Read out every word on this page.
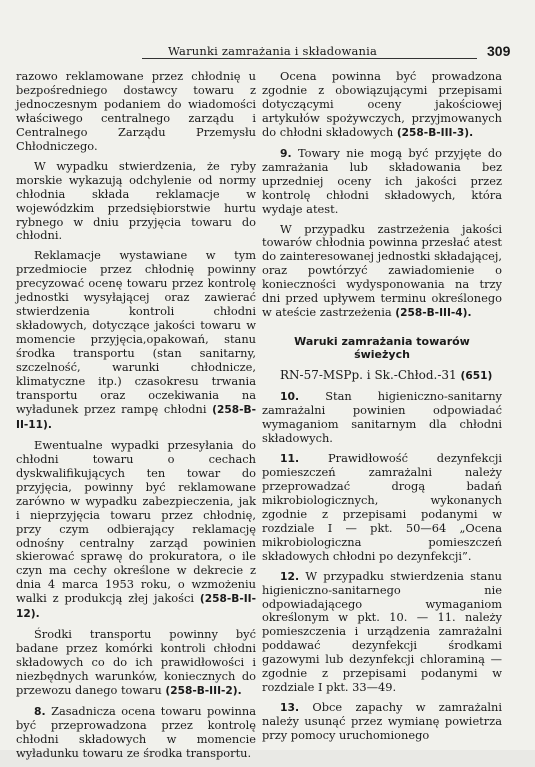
Warunki zamrażania i składowania	309

razowo reklamowane przez chłodnię u bezpośredniego dostawcy towaru z jednoczesnym podaniem do wiadomości właściwego centralnego zarządu i Centralnego Zarządu Przemysłu Chłodniczego.

W wypadku stwierdzenia, że ryby morskie wykazują odchylenie od normy chłodnia składa reklamacje w wojewódzkim przedsiębiorstwie hurtu rybnego w dniu przyjęcia towaru do chłodni.

Reklamacje wystawiane w tym przedmiocie przez chłodnię powinny precyzować ocenę towaru przez kontrolę jednostki wysyłającej oraz zawierać stwierdzenia kontroli chłodni składowych, dotyczące jakości towaru w momencie przyjęcia,opakowań, stanu środka transportu (stan sanitarny, szczelność, warunki chłodnicze, klimatyczne itp.) czasokresu trwania transportu oraz oczekiwania na wyładunek przez rampę chłodni (258-B-II-11).

Ewentualne wypadki przesyłania do chłodni towaru o cechach dyskwalifikujących ten towar do przyjęcia, powinny być reklamowane zarówno w wypadku zabezpieczenia, jak i nieprzyjęcia towaru przez chłodnię, przy czym odbierający reklamację odnośny centralny zarząd powinien skierować sprawę do prokuratora, o ile czyn ma cechy określone w dekrecie z dnia 4 marca 1953 roku, o wzmożeniu walki z produkcją złej jakości (258-B-II-12).

Środki transportu powinny być badane przez komórki kontroli chłodni składowych co do ich prawidłowości i niezbędnych warunków, koniecznych do przewozu danego towaru (258-B-III-2).

8. Zasadnicza ocena towaru powinna być przeprowadzona przez kontrolę chłodni składowych w momencie wyładunku towaru ze środka transportu.

Ocena powinna być prowadzona zgodnie z obowiązującymi przepisami dotyczącymi oceny jakościowej artykułów spożywczych, przyjmowanych do chłodni składowych (258-B-III-3).

9. Towary nie mogą być przyjęte do zamrażania lub składowania bez uprzedniej oceny ich jakości przez kontrolę chłodni składowych, która wydaje atest.

W przypadku zastrzeżenia jakości towarów chłodnia powinna przesłać atest do zainteresowanej jednostki składającej, oraz powtórzyć zawiadomienie o konieczności wydysponowania na trzy dni przed upływem terminu określonego w ateście zastrzeżenia (258-B-III-4).

Waruki zamrażania towarów
świeżych

RN-57-MSPp. i Sk.-Chłod.-31 (651)

10. Stan higieniczno-sanitarny zamrażalni powinien odpowiadać wymaganiom sanitarnym dla chłodni składowych.

11.	Prawidłowość dezynfekcji pomieszczeń zamrażalni należy przeprowadzać drogą badań mikrobiologicznych, wykonanych zgodnie z przepisami podanymi w rozdziale I — pkt. 50—64 „Ocena mikrobiologiczna pomieszczeń składowych chłodni po dezynfekcji”.

12. W przypadku stwierdzenia stanu higieniczno-sanitarnego nie odpowiadającego wymaganiom określonym w pkt. 10. — 11. należy pomieszczenia i urządzenia zamrażalni poddawać dezynfekcji środkami gazowymi lub dezynfekcji chloraminą — zgodnie z przepisami podanymi w rozdziale I pkt. 33—49.

13. Obce zapachy w zamrażalni należy usunąć przez wymianę powietrza przy pomocy uruchomionego
